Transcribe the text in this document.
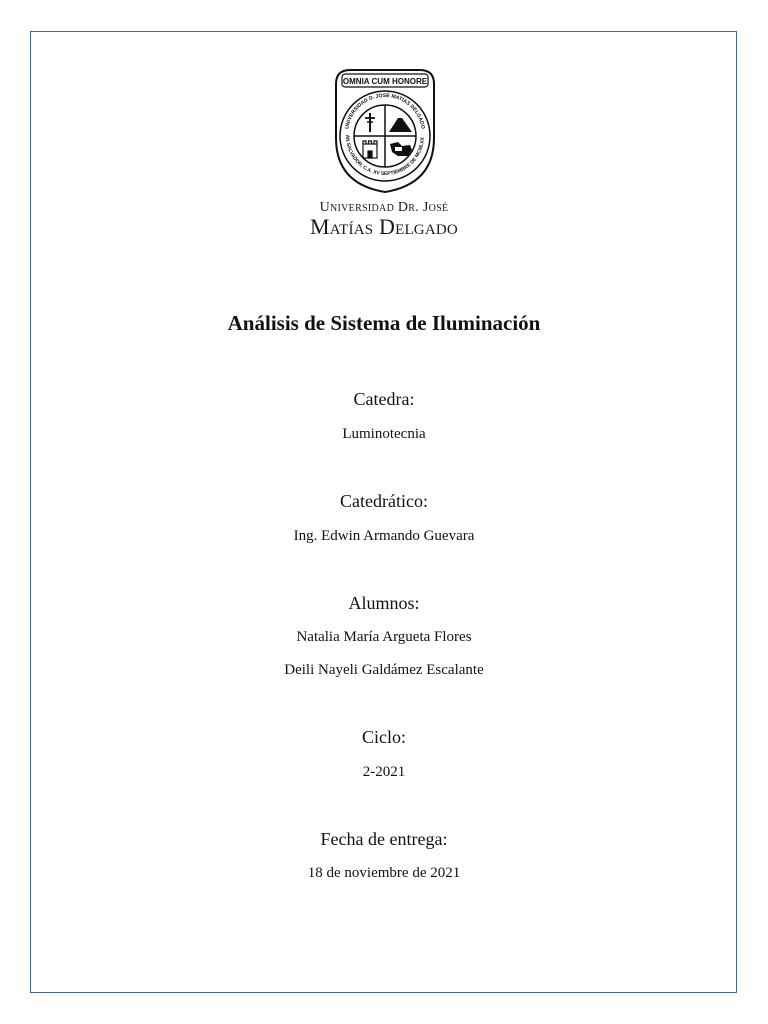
OMNIA CUM HONORE
UNIVERSIDAD D. JOSÉ MATÍAS DELGADO
AN SALVADOR, C.A. XV SEPTIEMBRE DE MCMLXX

Universidad Dr. José

Matías Delgado

Análisis de Sistema de Iluminación

Catedra:

Luminotecnia

Catedrático:

Ing. Edwin Armando Guevara

Alumnos:

Natalia María Argueta Flores

Deili Nayeli Galdámez Escalante

Ciclo:

2-2021

Fecha de entrega:

18 de noviembre de 2021
